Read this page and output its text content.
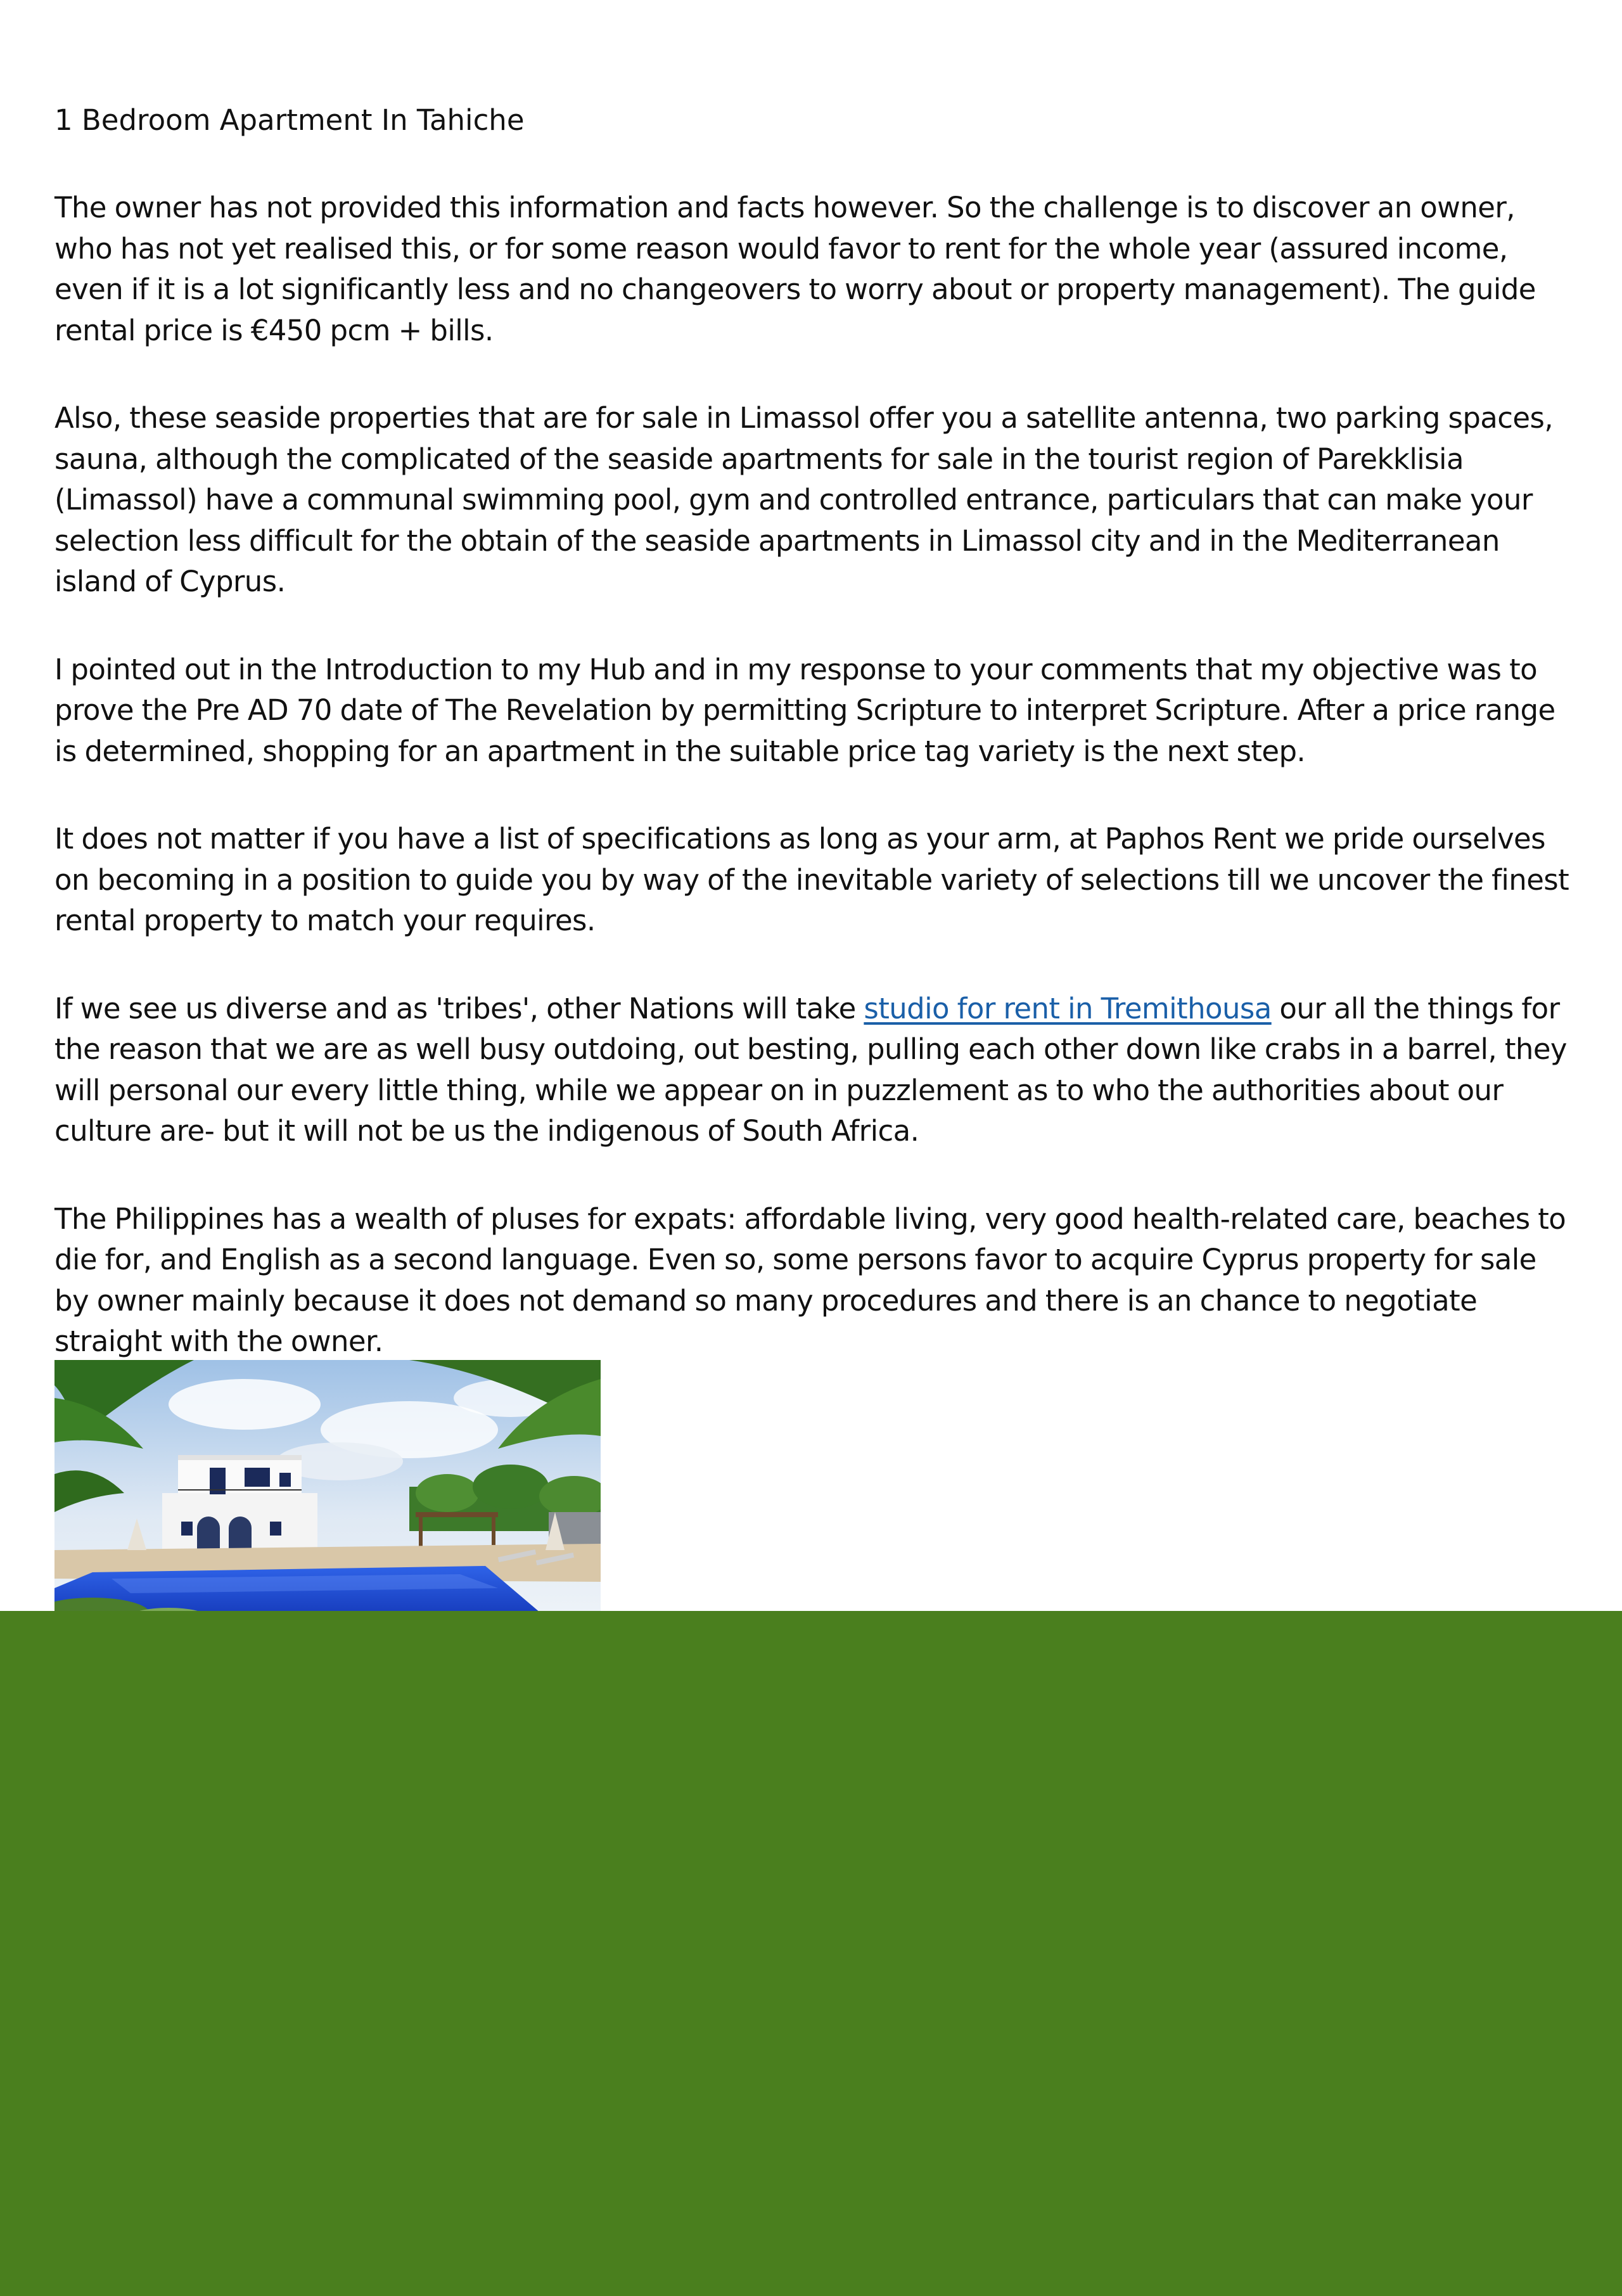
1 Bedroom Apartment In Tahiche

The owner has not provided this information and facts however. So the challenge is to discover an owner, who has not yet realised this, or for some reason would favor to rent for the whole year (assured income, even if it is a lot significantly less and no changeovers to worry about or property management). The guide rental price is €450 pcm + bills.

Also, these seaside properties that are for sale in Limassol offer you a satellite antenna, two parking spaces, sauna, although the complicated of the seaside apartments for sale in the tourist region of Parekklisia (Limassol) have a communal swimming pool, gym and controlled entrance, particulars that can make your selection less difficult for the obtain of the seaside apartments in Limassol city and in the Mediterranean island of Cyprus.

I pointed out in the Introduction to my Hub and in my response to your comments that my objective was to prove the Pre AD 70 date of The Revelation by permitting Scripture to interpret Scripture. After a price range is determined, shopping for an apartment in the suitable price tag variety is the next step.

It does not matter if you have a list of specifications as long as your arm, at Paphos Rent we pride ourselves on becoming in a position to guide you by way of the inevitable variety of selections till we uncover the finest rental property to match your requires.

If we see us diverse and as 'tribes', other Nations will take studio for rent in Tremithousa our all the things for the reason that we are as well busy outdoing, out besting, pulling each other down like crabs in a barrel, they will personal our every little thing, while we appear on in puzzlement as to who the authorities about our culture are- but it will not be us the indigenous of South Africa.

The Philippines has a wealth of pluses for expats: affordable living, very good health-related care, beaches to die for, and English as a second language. Even so, some persons favor to acquire Cyprus property for sale by owner mainly because it does not demand so many procedures and there is an chance to negotiate straight with the owner.
